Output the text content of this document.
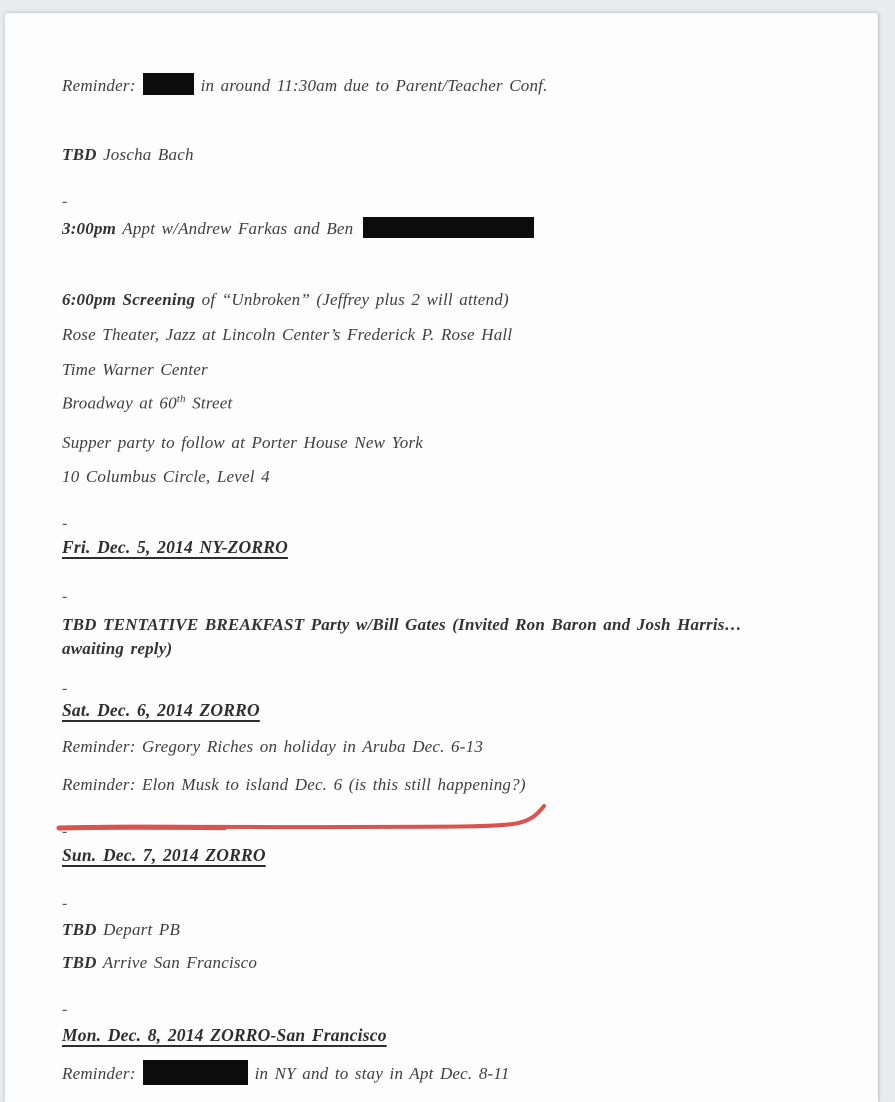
Reminder:	in around 11:30am due to Parent/Teacher Conf.
TBD Joscha Bach
-
3:00pm Appt w/Andrew Farkas and Ben
6:00pm Screening of “Unbroken” (Jeffrey plus 2 will attend)
Rose Theater, Jazz at Lincoln Center’s Frederick P. Rose Hall
Time Warner Center
Broadway at 60th Street
Supper party to follow at Porter House New York
10 Columbus Circle, Level 4
-
Fri. Dec. 5, 2014 NY-ZORRO
-
TBD TENTATIVE BREAKFAST Party w/Bill Gates (Invited Ron Baron and Josh Harris…awaiting reply)
-
Sat. Dec. 6, 2014 ZORRO
Reminder: Gregory Riches on holiday in Aruba Dec. 6-13
Reminder: Elon Musk to island Dec. 6 (is this still happening?)
-
Sun. Dec. 7, 2014 ZORRO
-
TBD Depart PB
TBD Arrive San Francisco
-
Mon. Dec. 8, 2014 ZORRO-San Francisco
Reminder:	in NY and to stay in Apt Dec. 8-11
